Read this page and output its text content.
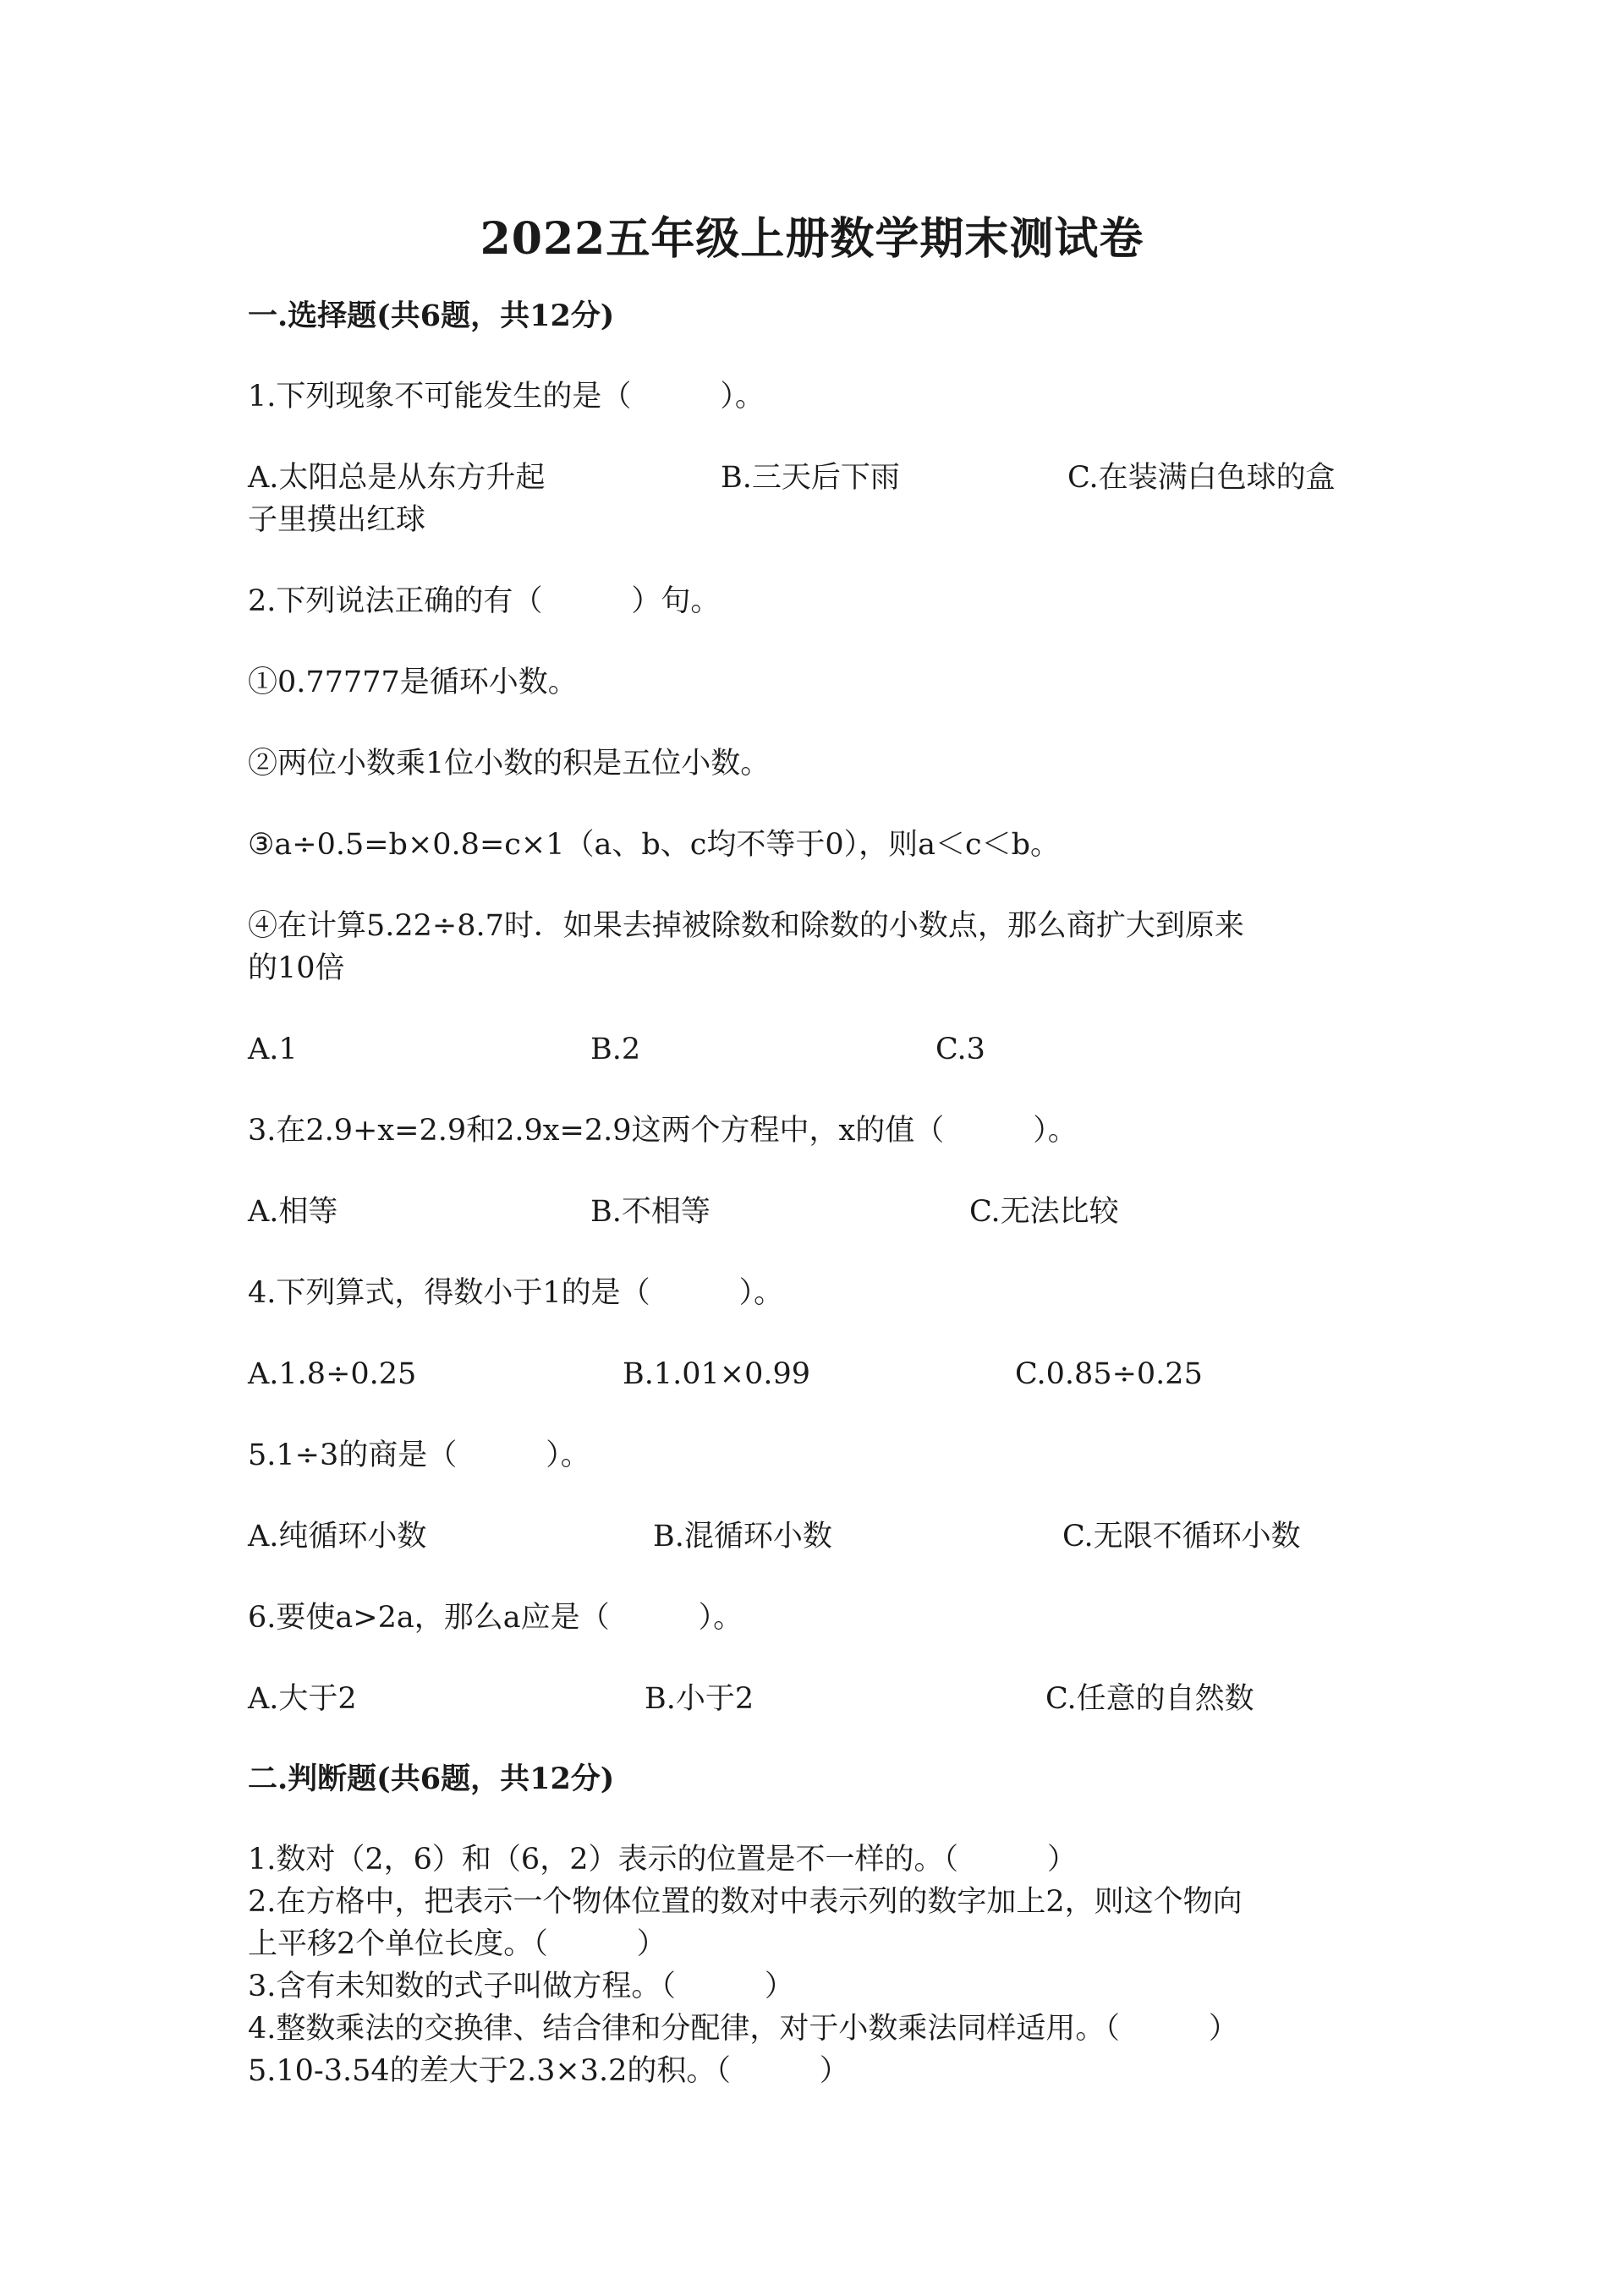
2022五年级上册数学期末测试卷
一.选择题(共6题，共12分)

1.下列现象不可能发生的是（　　　）。

A.太阳总是从东方升起	B.三天后下雨	C.在装满白色球的盒
子里摸出红球

2.下列说法正确的有（　　　）句。

①0.77777是循环小数。

②两位小数乘1位小数的积是五位小数。

③a÷0.5=b×0.8=c×1（a、b、c均不等于0），则a＜c＜b。

④在计算5.22÷8.7时．如果去掉被除数和除数的小数点，那么商扩大到原来

的10倍

A.1	B.2	C.3

3.在2.9+x=2.9和2.9x=2.9这两个方程中，x的值（　　　）。

A.相等	B.不相等	C.无法比较

4.下列算式，得数小于1的是（　　　）。

A.1.8÷0.25	B.1.01×0.99	C.0.85÷0.25

5.1÷3的商是（　　　）。

A.纯循环小数	B.混循环小数	C.无限不循环小数

6.要使a>2a，那么a应是（　　　）。

A.大于2	B.小于2	C.任意的自然数
二.判断题(共6题，共12分)

1.数对（2，6）和（6，2）表示的位置是不一样的。（　　　）

2.在方格中，把表示一个物体位置的数对中表示列的数字加上2，则这个物向

上平移2个单位长度。（　　　）

3.含有未知数的式子叫做方程。（　　　）

4.整数乘法的交换律、结合律和分配律，对于小数乘法同样适用。（　　　）

5.10-3.54的差大于2.3×3.2的积。（　　　）
